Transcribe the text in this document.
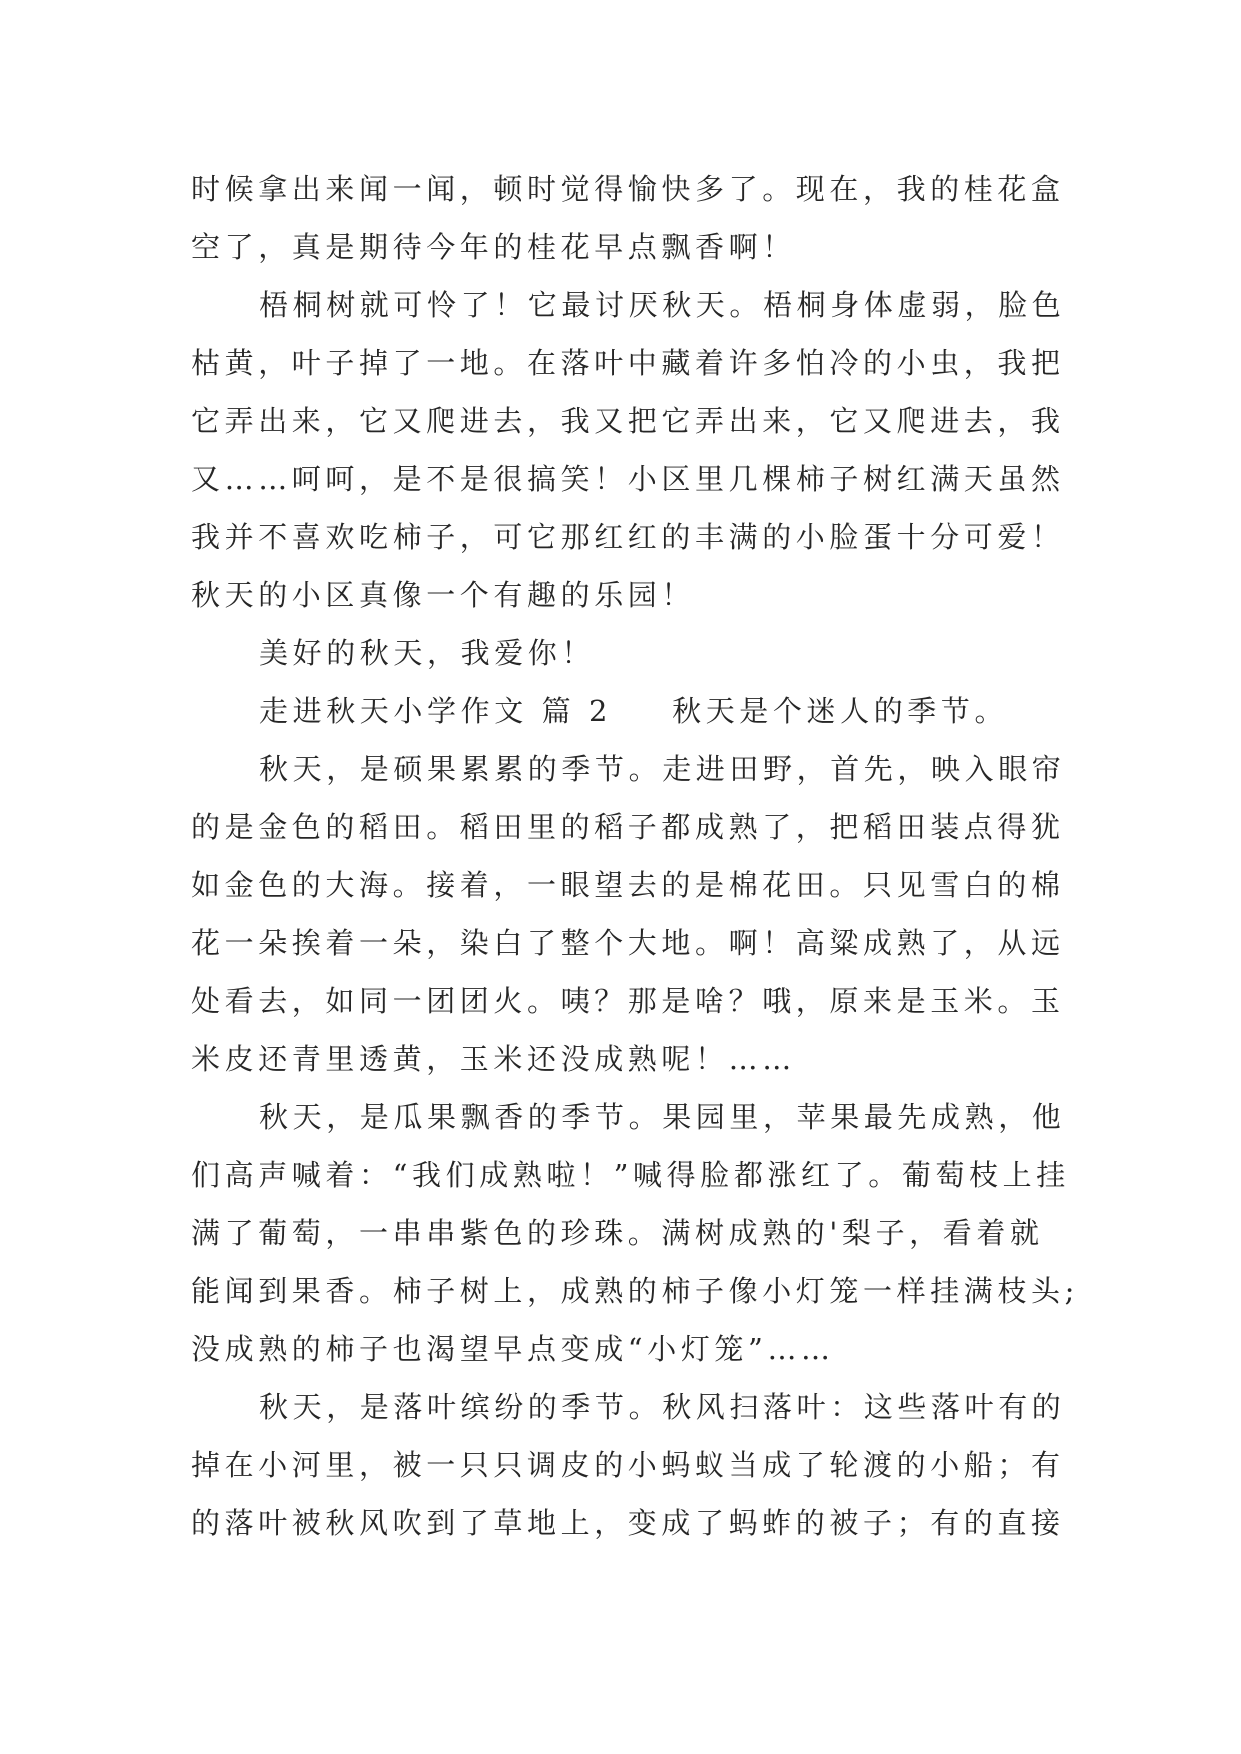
时候拿出来闻一闻，顿时觉得愉快多了。现在，我的桂花盒
空了，真是期待今年的桂花早点飘香啊！
梧桐树就可怜了！它最讨厌秋天。梧桐身体虚弱，脸色
枯黄，叶子掉了一地。在落叶中藏着许多怕冷的小虫，我把
它弄出来，它又爬进去，我又把它弄出来，它又爬进去，我
又……呵呵，是不是很搞笑！小区里几棵柿子树红满天虽然
我并不喜欢吃柿子，可它那红红的丰满的小脸蛋十分可爱！
秋天的小区真像一个有趣的乐园！
美好的秋天，我爱你！
走进秋天小学作文 篇 2 秋天是个迷人的季节。
秋天，是硕果累累的季节。走进田野，首先，映入眼帘
的是金色的稻田。稻田里的稻子都成熟了，把稻田装点得犹
如金色的大海。接着，一眼望去的是棉花田。只见雪白的棉
花一朵挨着一朵，染白了整个大地。啊！高粱成熟了，从远
处看去，如同一团团火。咦？那是啥？哦，原来是玉米。玉
米皮还青里透黄，玉米还没成熟呢！……
秋天，是瓜果飘香的季节。果园里，苹果最先成熟，他
们高声喊着：“我们成熟啦！”喊得脸都涨红了。葡萄枝上挂
满了葡萄，一串串紫色的珍珠。满树成熟的'梨子，看着就
能闻到果香。柿子树上，成熟的柿子像小灯笼一样挂满枝头;
没成熟的柿子也渴望早点变成“小灯笼”……
秋天，是落叶缤纷的季节。秋风扫落叶：这些落叶有的
掉在小河里，被一只只调皮的小蚂蚁当成了轮渡的小船；有
的落叶被秋风吹到了草地上，变成了蚂蚱的被子；有的直接
